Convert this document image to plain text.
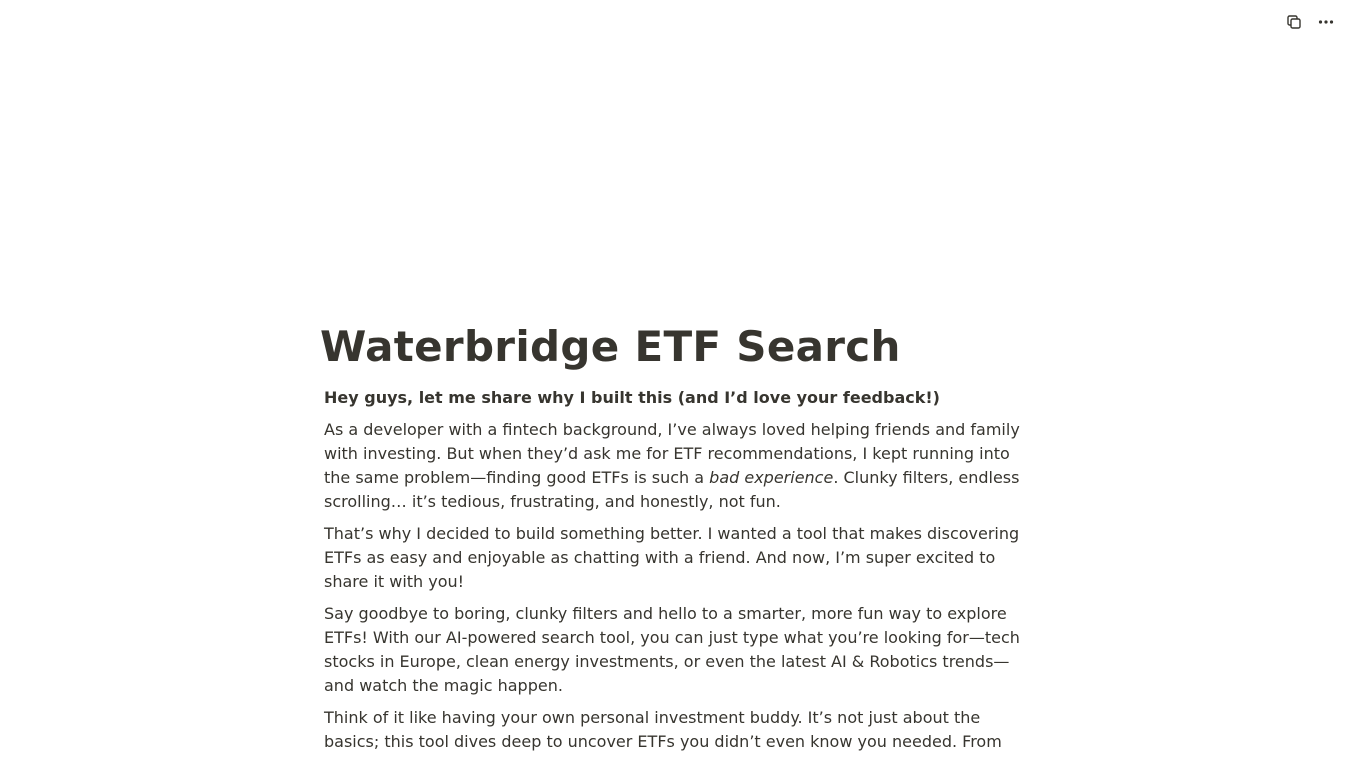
Waterbridge ETF Search

Hey guys, let me share why I built this (and I’d love your feedback!)

As a developer with a fintech background, I’ve always loved helping friends and family with investing. But when they’d ask me for ETF recommendations, I kept running into the same problem—finding good ETFs is such a bad experience. Clunky filters, endless scrolling… it’s tedious, frustrating, and honestly, not fun.

That’s why I decided to build something better. I wanted a tool that makes discovering ETFs as easy and enjoyable as chatting with a friend. And now, I’m super excited to share it with you!

Say goodbye to boring, clunky filters and hello to a smarter, more fun way to explore ETFs! With our AI-powered search tool, you can just type what you’re looking for—tech stocks in Europe, clean energy investments, or even the latest AI & Robotics trends—and watch the magic happen.

Think of it like having your own personal investment buddy. It’s not just about the basics; this tool dives deep to uncover ETFs you didn’t even know you needed. From
